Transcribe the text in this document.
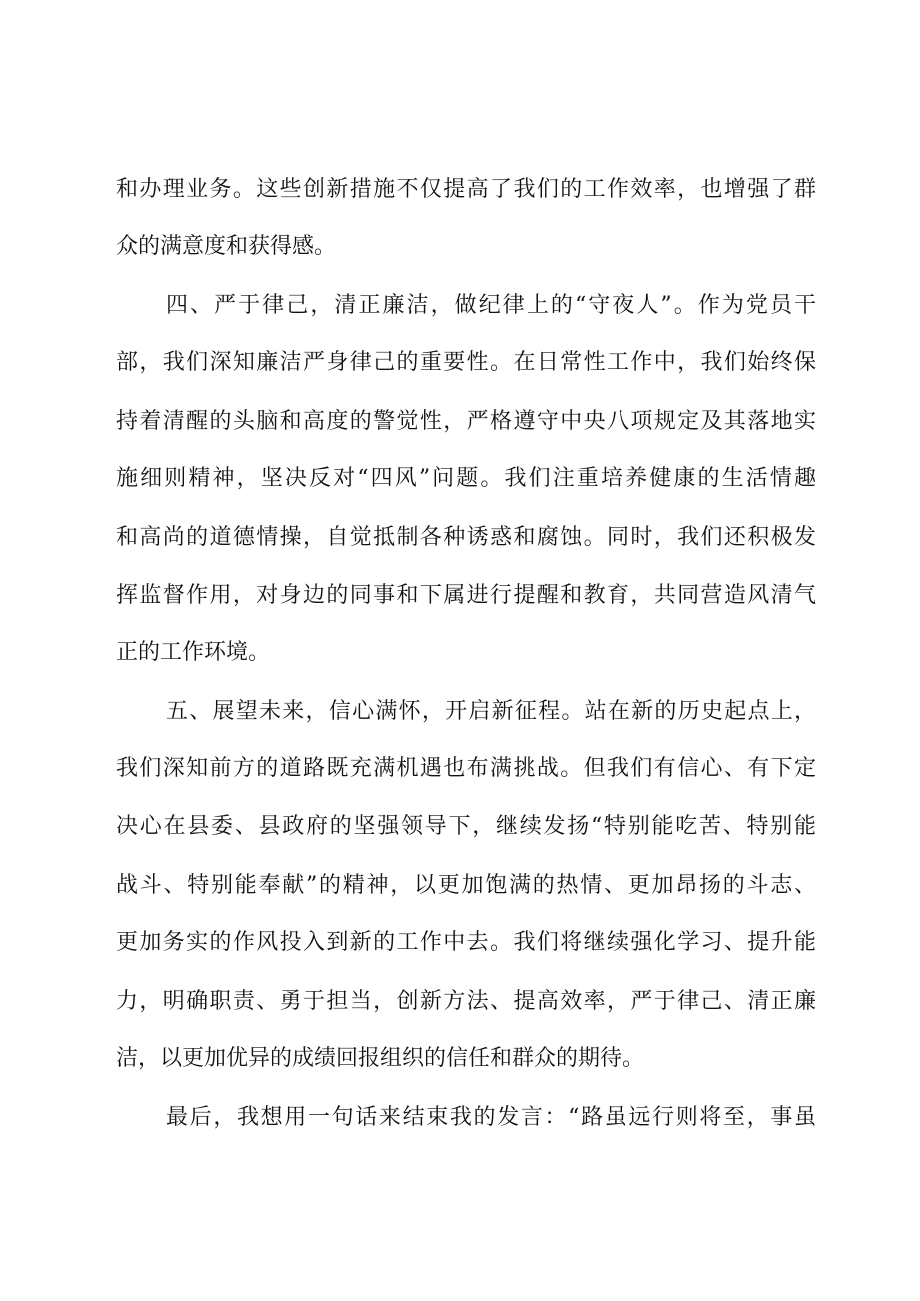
和办理业务。这些创新措施不仅提高了我们的工作效率，也增强了群
众的满意度和获得感。
四、严于律己，清正廉洁，做纪律上的“守夜人”。作为党员干
部，我们深知廉洁严身律己的重要性。在日常性工作中，我们始终保
持着清醒的头脑和高度的警觉性，严格遵守中央八项规定及其落地实
施细则精神，坚决反对“四风”问题。我们注重培养健康的生活情趣
和高尚的道德情操，自觉抵制各种诱惑和腐蚀。同时，我们还积极发
挥监督作用，对身边的同事和下属进行提醒和教育，共同营造风清气
正的工作环境。
五、展望未来，信心满怀，开启新征程。站在新的历史起点上，
我们深知前方的道路既充满机遇也布满挑战。但我们有信心、有下定
决心在县委、县政府的坚强领导下，继续发扬“特别能吃苦、特别能
战斗、特别能奉献”的精神，以更加饱满的热情、更加昂扬的斗志、
更加务实的作风投入到新的工作中去。我们将继续强化学习、提升能
力，明确职责、勇于担当，创新方法、提高效率，严于律己、清正廉
洁，以更加优异的成绩回报组织的信任和群众的期待。
最后，我想用一句话来结束我的发言：“路虽远行则将至，事虽
